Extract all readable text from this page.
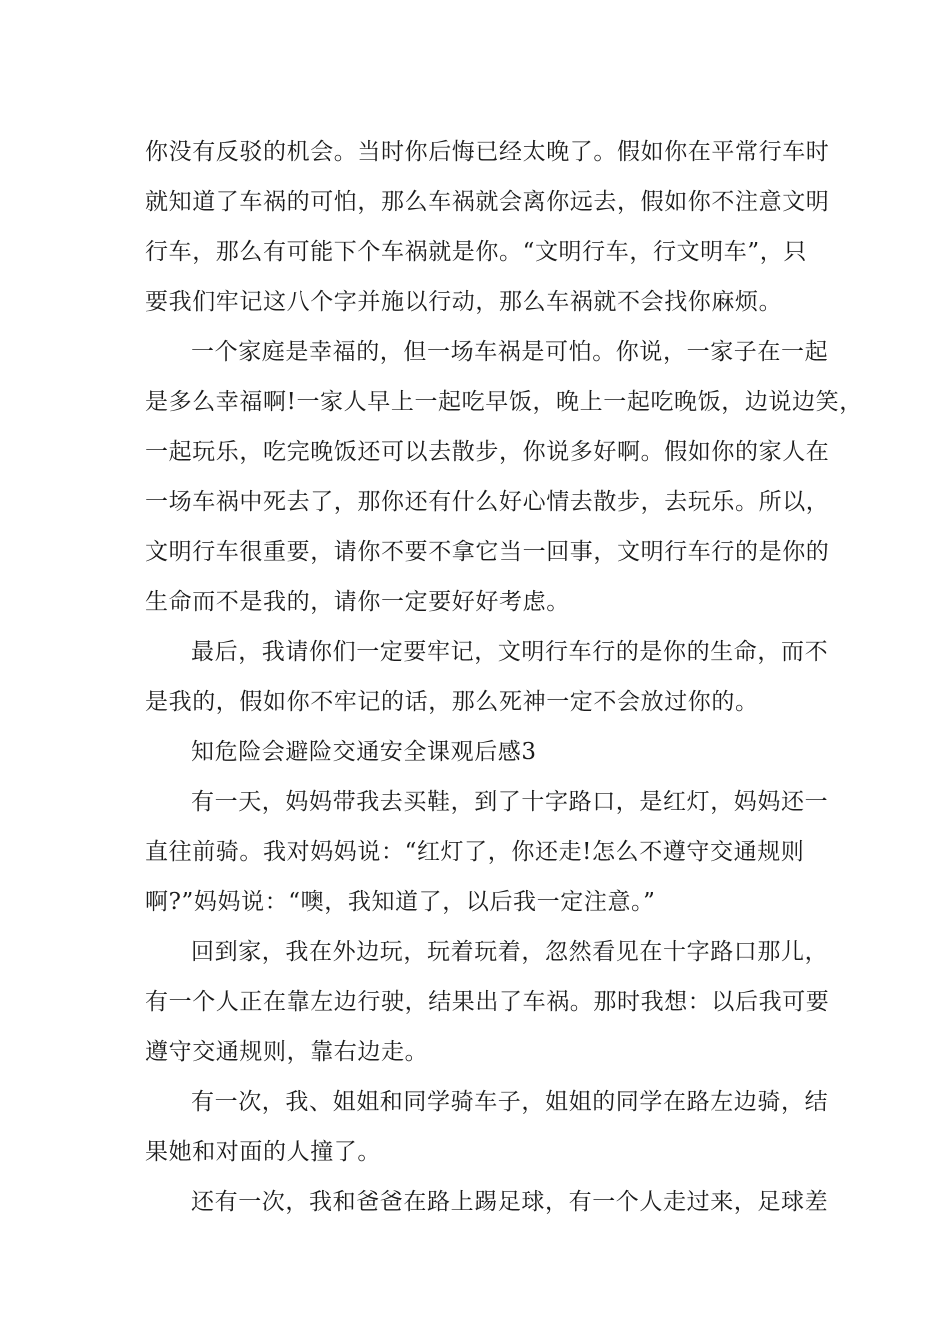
你没有反驳的机会。当时你后悔已经太晚了。假如你在平常行车时
就知道了车祸的可怕，那么车祸就会离你远去，假如你不注意文明
行车，那么有可能下个车祸就是你。“文明行车，行文明车”，只
要我们牢记这八个字并施以行动，那么车祸就不会找你麻烦。
一个家庭是幸福的，但一场车祸是可怕。你说，一家子在一起
是多么幸福啊!一家人早上一起吃早饭，晚上一起吃晚饭，边说边笑，
一起玩乐，吃完晚饭还可以去散步，你说多好啊。假如你的家人在
一场车祸中死去了，那你还有什么好心情去散步，去玩乐。所以，
文明行车很重要，请你不要不拿它当一回事，文明行车行的是你的
生命而不是我的，请你一定要好好考虑。
最后，我请你们一定要牢记，文明行车行的是你的生命，而不
是我的，假如你不牢记的话，那么死神一定不会放过你的。
知危险会避险交通安全课观后感3
有一天，妈妈带我去买鞋，到了十字路口，是红灯，妈妈还一
直往前骑。我对妈妈说：“红灯了，你还走!怎么不遵守交通规则
啊?”妈妈说：“噢，我知道了，以后我一定注意。”
回到家，我在外边玩，玩着玩着，忽然看见在十字路口那儿，
有一个人正在靠左边行驶，结果出了车祸。那时我想：以后我可要
遵守交通规则，靠右边走。
有一次，我、姐姐和同学骑车子，姐姐的同学在路左边骑，结
果她和对面的人撞了。
还有一次，我和爸爸在路上踢足球，有一个人走过来，足球差
